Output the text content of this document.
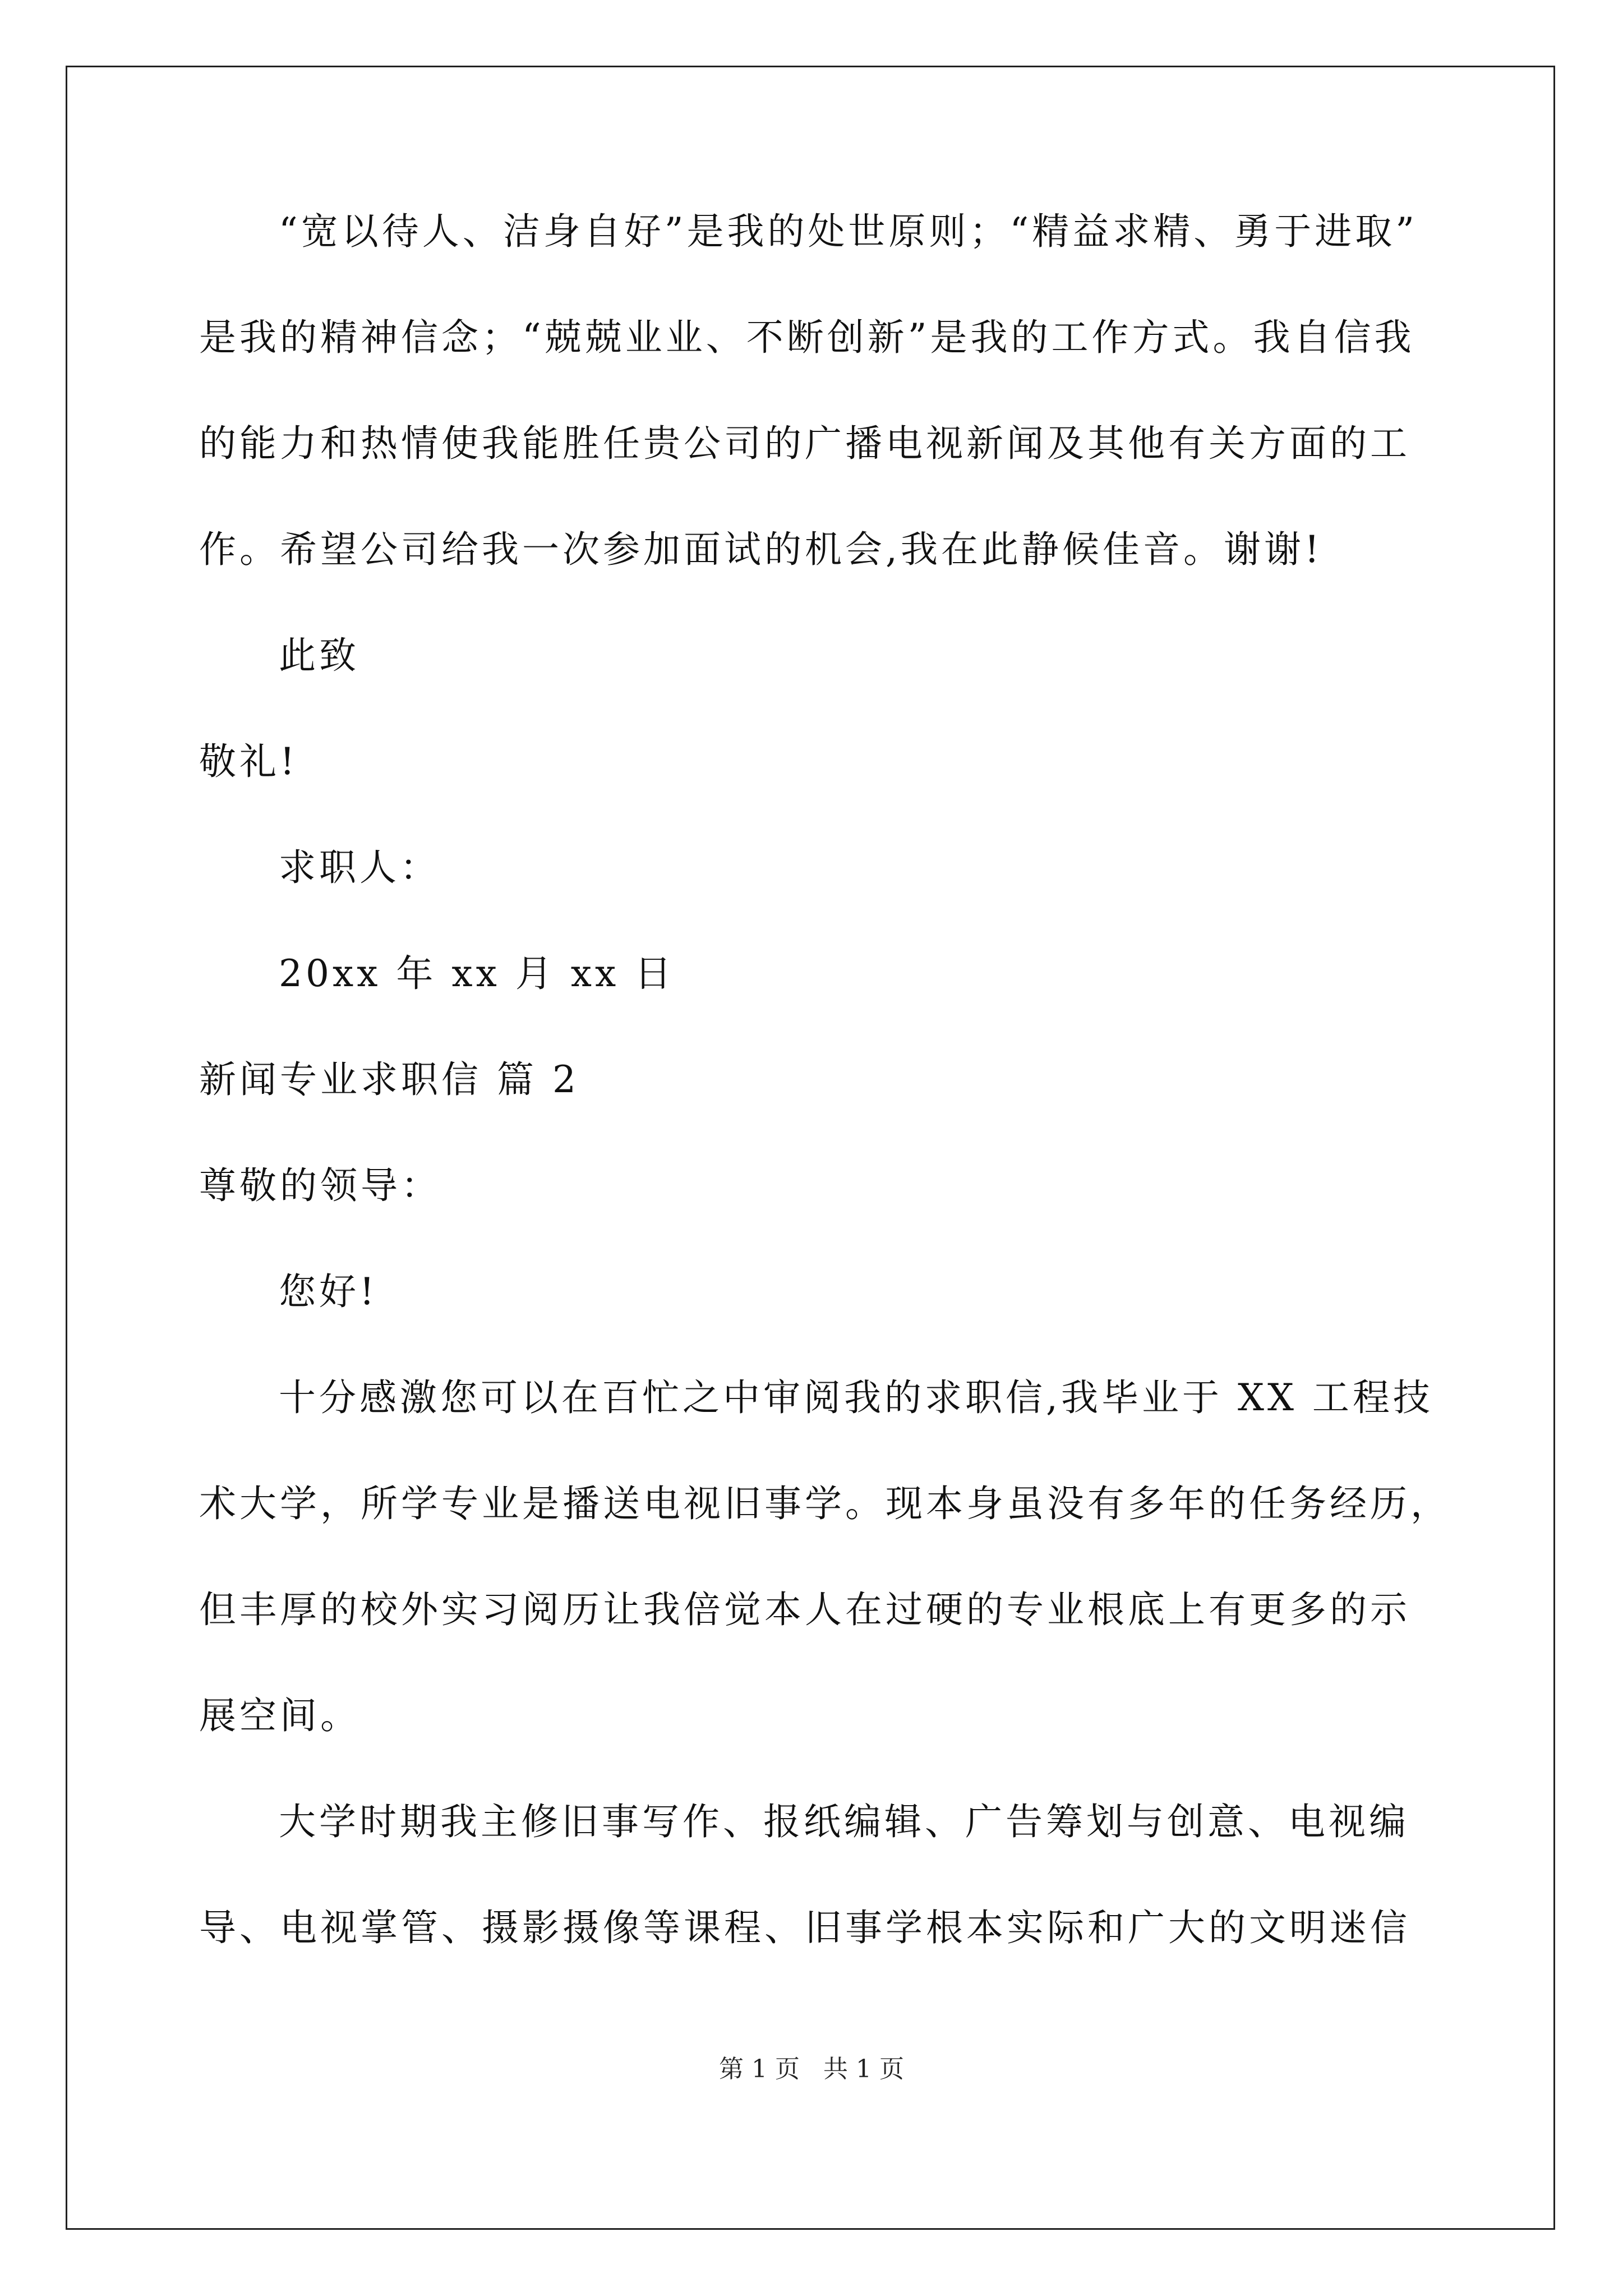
“宽以待人、洁身自好”是我的处世原则；“精益求精、勇于进取”
是我的精神信念；“兢兢业业、不断创新”是我的工作方式。我自信我
的能力和热情使我能胜任贵公司的广播电视新闻及其他有关方面的工
作。希望公司给我一次参加面试的机会,我在此静候佳音。谢谢!
此致
敬礼!
求职人：
20xx 年 xx 月 xx 日
新闻专业求职信 篇 2
尊敬的领导：
您好!
十分感激您可以在百忙之中审阅我的求职信,我毕业于 XX 工程技
术大学，所学专业是播送电视旧事学。现本身虽没有多年的任务经历，
但丰厚的校外实习阅历让我倍觉本人在过硬的专业根底上有更多的示
展空间。
大学时期我主修旧事写作、报纸编辑、广告筹划与创意、电视编
导、电视掌管、摄影摄像等课程、旧事学根本实际和广大的文明迷信
第 1 页   共 1 页
